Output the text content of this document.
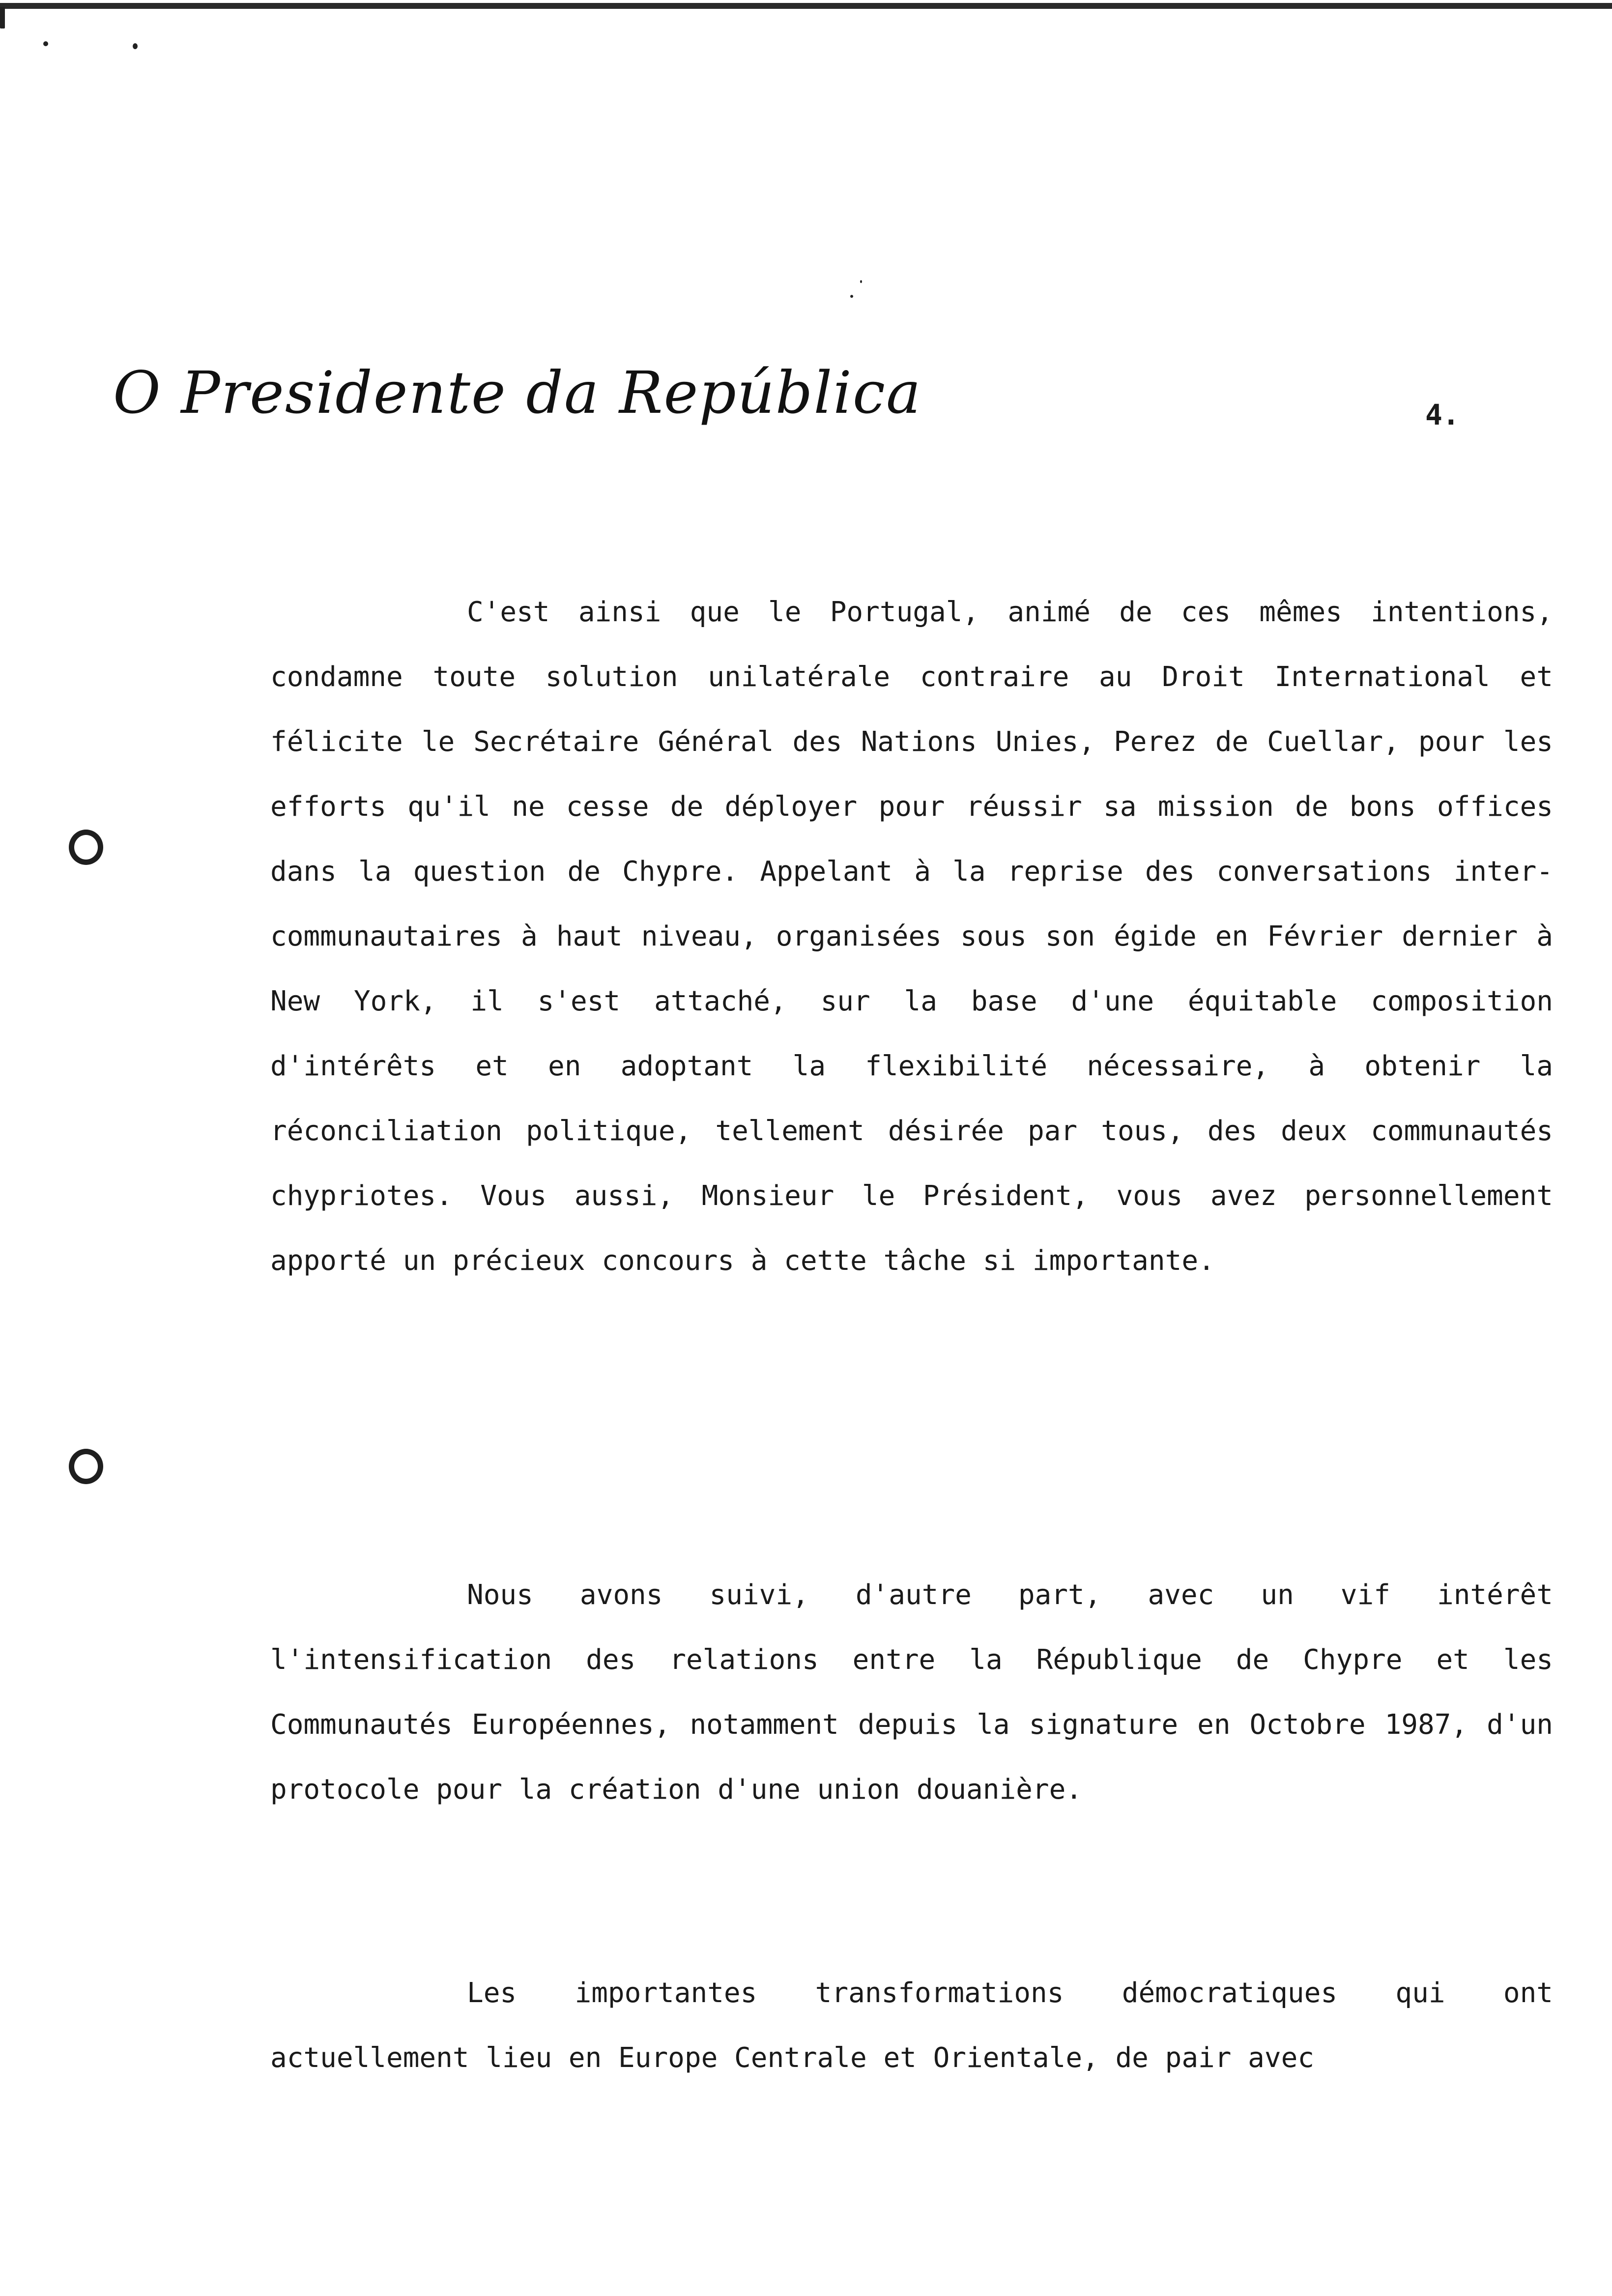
O Presidente da República	4.

C'est ainsi que le Portugal, animé de ces mêmes intentions, condamne toute solution unilatérale contraire au Droit International et félicite le Secrétaire Général des Nations Unies, Perez de Cuellar, pour les efforts qu'il ne cesse de déployer pour réussir sa mission de bons offices dans la question de Chypre. Appelant à la reprise des conversations inter-communautaires à haut niveau, organisées sous son égide en Février dernier à New York, il s'est attaché, sur la base d'une équitable composition d'intérêts et en adoptant la flexibilité nécessaire, à obtenir la réconciliation politique, tellement désirée par tous, des deux communautés chypriotes. Vous aussi, Monsieur le Président, vous avez personnellement apporté un précieux concours à cette tâche si importante.

Nous avons suivi, d'autre part, avec un vif intérêt l'intensification des relations entre la République de Chypre et les Communautés Européennes, notamment depuis la signature en Octobre 1987, d'un protocole pour la création d'une union douanière.

Les importantes transformations démocratiques qui ont actuellement lieu en Europe Centrale et Orientale, de pair avec
